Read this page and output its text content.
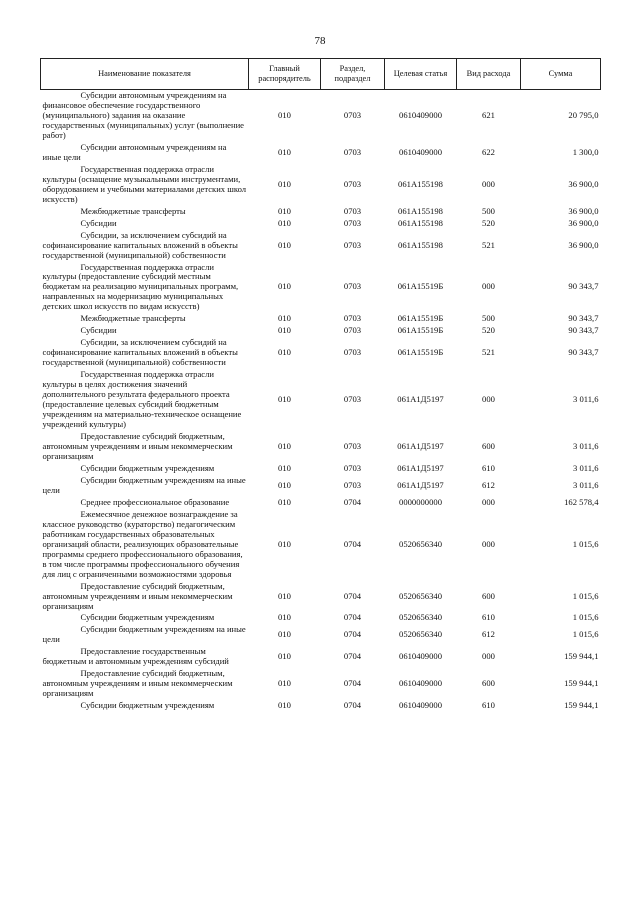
78
Наименование показателя	Главный распорядитель	Раздел, подраздел	Целевая статья	Вид расхода	Сумма
Субсидии автономным учреждениям на финансовое обеспечение государственного (муниципального) задания на оказание государственных (муниципальных) услуг (выполнение работ)	010	0703	0610409000	621	20 795,0
Субсидии автономным учреждениям на иные цели	010	0703	0610409000	622	1 300,0
Государственная поддержка отрасли культуры (оснащение музыкальными инструментами, оборудованием и учебными материалами детских школ искусств)	010	0703	061А155198	000	36 900,0
Межбюджетные трансферты	010	0703	061А155198	500	36 900,0
Субсидии	010	0703	061А155198	520	36 900,0
Субсидии, за исключением субсидий на софинансирование капитальных вложений в объекты государственной (муниципальной) собственности	010	0703	061А155198	521	36 900,0
Государственная поддержка отрасли культуры (предоставление субсидий местным бюджетам на реализацию муниципальных программ, направленных на модернизацию муниципальных детских школ искусств по видам искусств)	010	0703	061А15519Б	000	90 343,7
Межбюджетные трансферты	010	0703	061А15519Б	500	90 343,7
Субсидии	010	0703	061А15519Б	520	90 343,7
Субсидии, за исключением субсидий на софинансирование капитальных вложений в объекты государственной (муниципальной) собственности	010	0703	061А15519Б	521	90 343,7
Государственная поддержка отрасли культуры в целях достижения значений дополнительного результата федерального проекта (предоставление целевых субсидий бюджетным учреждениям на материально-техническое оснащение учреждений культуры)	010	0703	061А1Д5197	000	3 011,6
Предоставление субсидий бюджетным, автономным учреждениям и иным некоммерческим организациям	010	0703	061А1Д5197	600	3 011,6
Субсидии бюджетным учреждениям	010	0703	061А1Д5197	610	3 011,6
Субсидии бюджетным учреждениям на иные цели	010	0703	061А1Д5197	612	3 011,6
Среднее профессиональное образование	010	0704	0000000000	000	162 578,4
Ежемесячное денежное вознаграждение за классное руководство (кураторство) педагогическим работникам государственных образовательных организаций области, реализующих образовательные программы среднего профессионального образования, в том числе программы профессионального обучения для лиц с ограниченными возможностями здоровья	010	0704	0520656340	000	1 015,6
Предоставление субсидий бюджетным, автономным учреждениям и иным некоммерческим организациям	010	0704	0520656340	600	1 015,6
Субсидии бюджетным учреждениям	010	0704	0520656340	610	1 015,6
Субсидии бюджетным учреждениям на иные цели	010	0704	0520656340	612	1 015,6
Предоставление государственным бюджетным и автономным учреждениям субсидий	010	0704	0610409000	000	159 944,1
Предоставление субсидий бюджетным, автономным учреждениям и иным некоммерческим организациям	010	0704	0610409000	600	159 944,1
Субсидии бюджетным учреждениям	010	0704	0610409000	610	159 944,1
